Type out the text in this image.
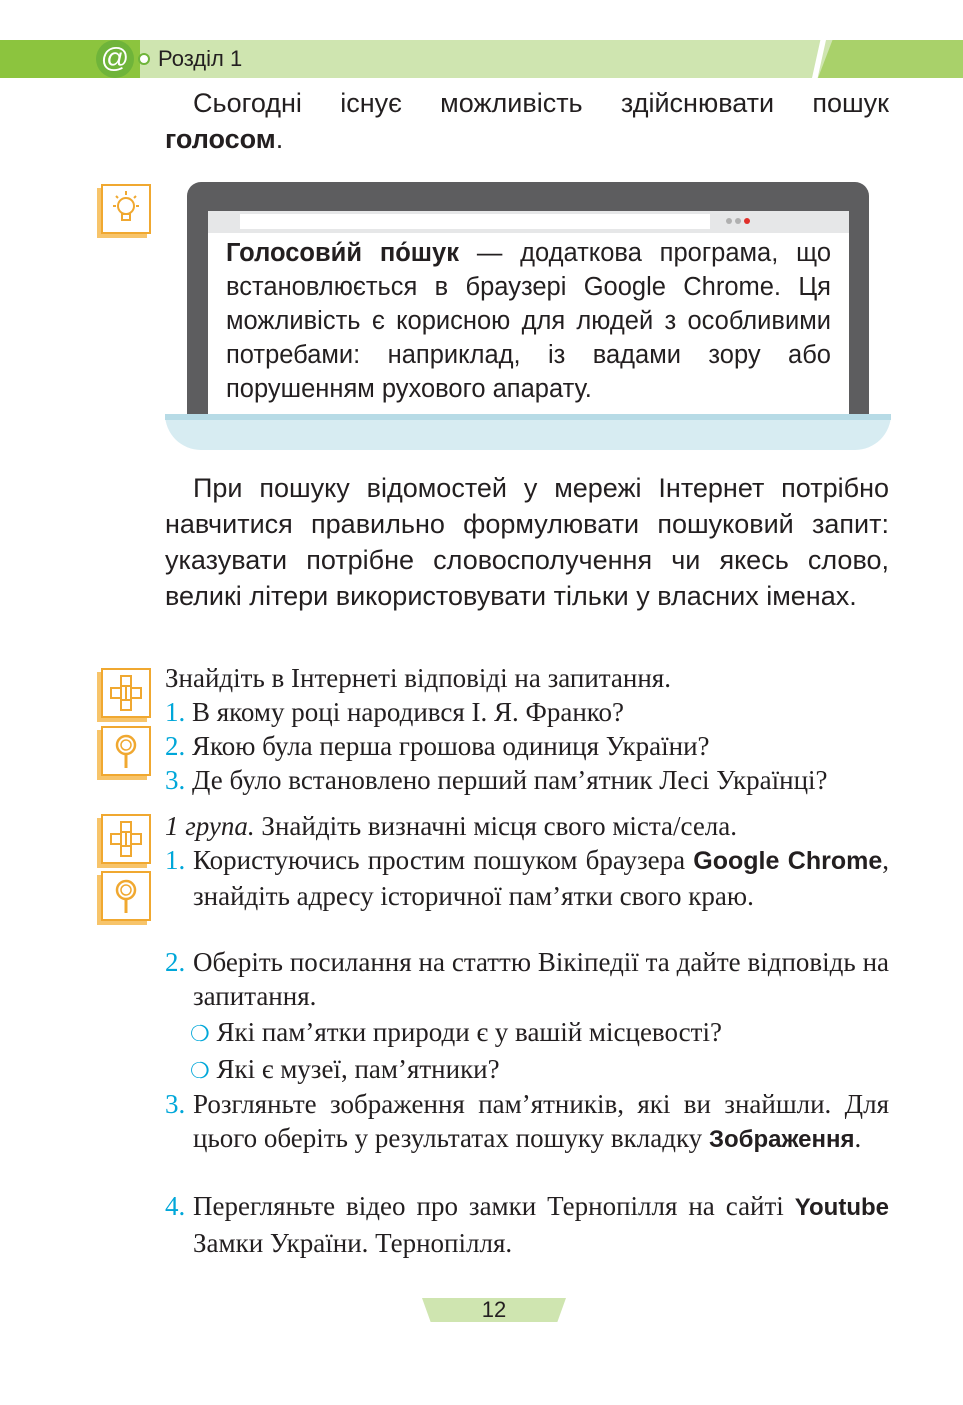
@ Розділ 1
Сьогодні існує можливість здійснювати пошук голосом.
Голосови́й по́шук — додаткова програма, що встановлюється в браузері Google Chrome. Ця можливість є корисною для людей з особливими потребами: наприклад, із вадами зору або порушенням рухового апарату.
При пошуку відомостей у мережі Інтернет потрібно навчитися правильно формулювати пошуковий запит: указувати потрібне словосполучення чи якесь слово, великі літери використовувати тільки у власних іменах.
Знайдіть в Інтернеті відповіді на запитання.
1. В якому році народився І. Я. Франко?
2. Якою була перша грошова одиниця України?
3. Де було встановлено перший пам’ятник Лесі Українці?
1 група. Знайдіть визначні місця свого міста/села.
1. Користуючись простим пошуком браузера Google Chrome, знайдіть адресу історичної пам’ятки свого краю.
2. Оберіть посилання на статтю Вікіпедії та дайте відповідь на запитання.
❍ Які пам’ятки природи є у вашій місцевості?
❍ Які є музеї, пам’ятники?
3. Розгляньте зображення пам’ятників, які ви знайшли. Для цього оберіть у результатах пошуку вкладку Зображення.
4. Перегляньте відео про замки Тернопілля на сайті Youtube Замки України. Тернопілля.
12
